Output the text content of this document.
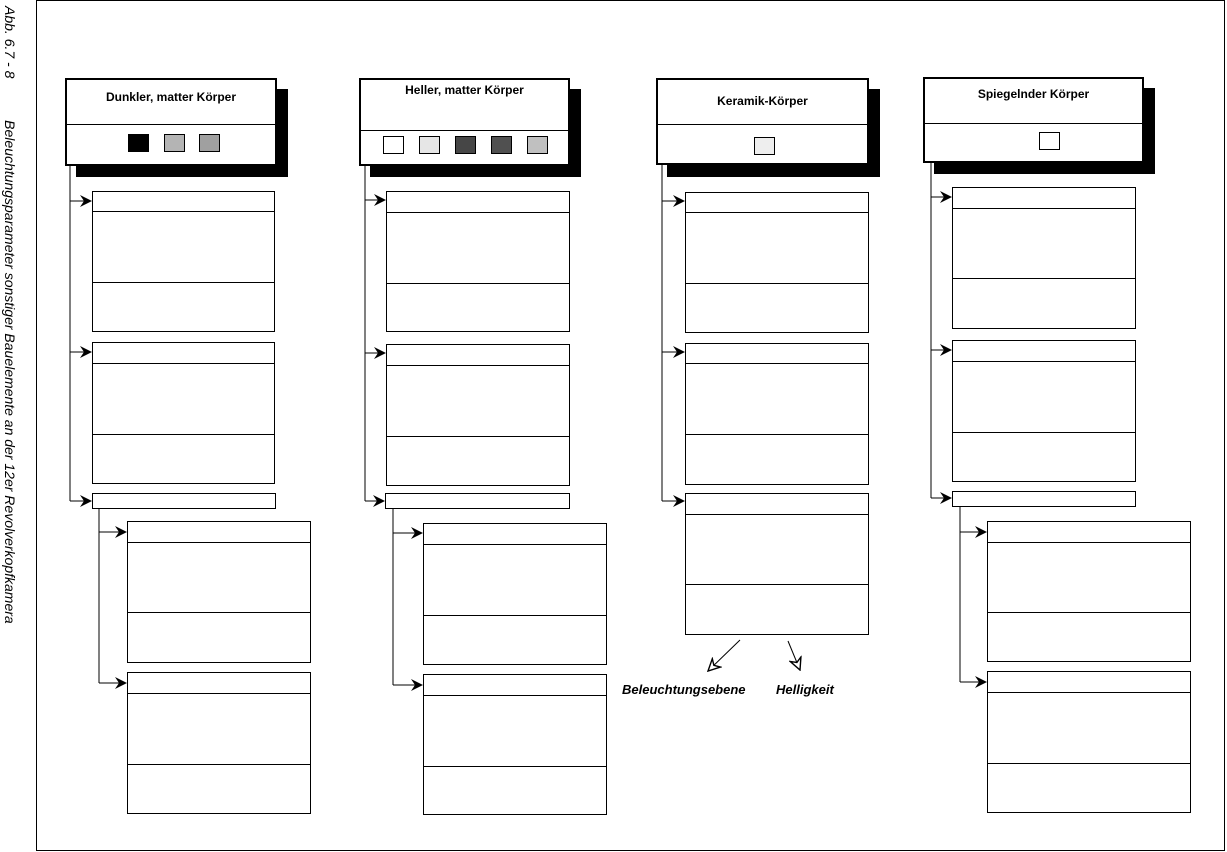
Abb. 6.7 - 8  Beleuchtungsparameter sonstiger Bauelemente an der 12er Revolverkopfkamera
Dunkler, matter Körper	Heller, matter Körper
Keramik-Körper
Beleuchtungsebene Helligkeit
Spiegelnder Körper
